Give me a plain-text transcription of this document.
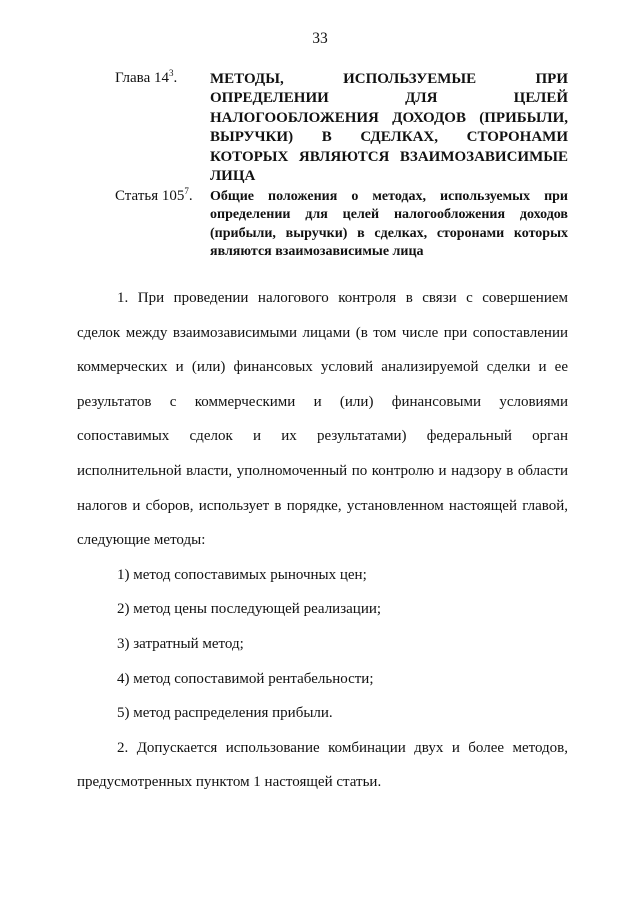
33
Глава $14^3$. МЕТОДЫ, ИСПОЛЬЗУЕМЫЕ ПРИ ОПРЕДЕЛЕНИИ ДЛЯ ЦЕЛЕЙ НАЛОГООБЛОЖЕНИЯ ДОХОДОВ (ПРИБЫЛИ, ВЫРУЧКИ) В СДЕЛКАХ, СТОРОНАМИ КОТОРЫХ ЯВЛЯЮТСЯ ВЗАИМОЗАВИСИМЫЕ ЛИЦА
Статья $105^7$. Общие положения о методах, используемых при определении для целей налогообложения доходов (прибыли, выручки) в сделках, сторонами которых являются взаимозависимые лица

1. При проведении налогового контроля в связи с совершением сделок между взаимозависимыми лицами (в том числе при сопоставлении коммерческих и (или) финансовых условий анализируемой сделки и ее результатов с коммерческими и (или) финансовыми условиями сопоставимых сделок и их результатами) федеральный орган исполнительной власти, уполномоченный по контролю и надзору в области налогов и сборов, использует в порядке, установленном настоящей главой, следующие методы:

1) метод сопоставимых рыночных цен;

2) метод цены последующей реализации;

3) затратный метод;

4) метод сопоставимой рентабельности;

5) метод распределения прибыли.

2. Допускается использование комбинации двух и более методов, предусмотренных пунктом 1 настоящей статьи.
